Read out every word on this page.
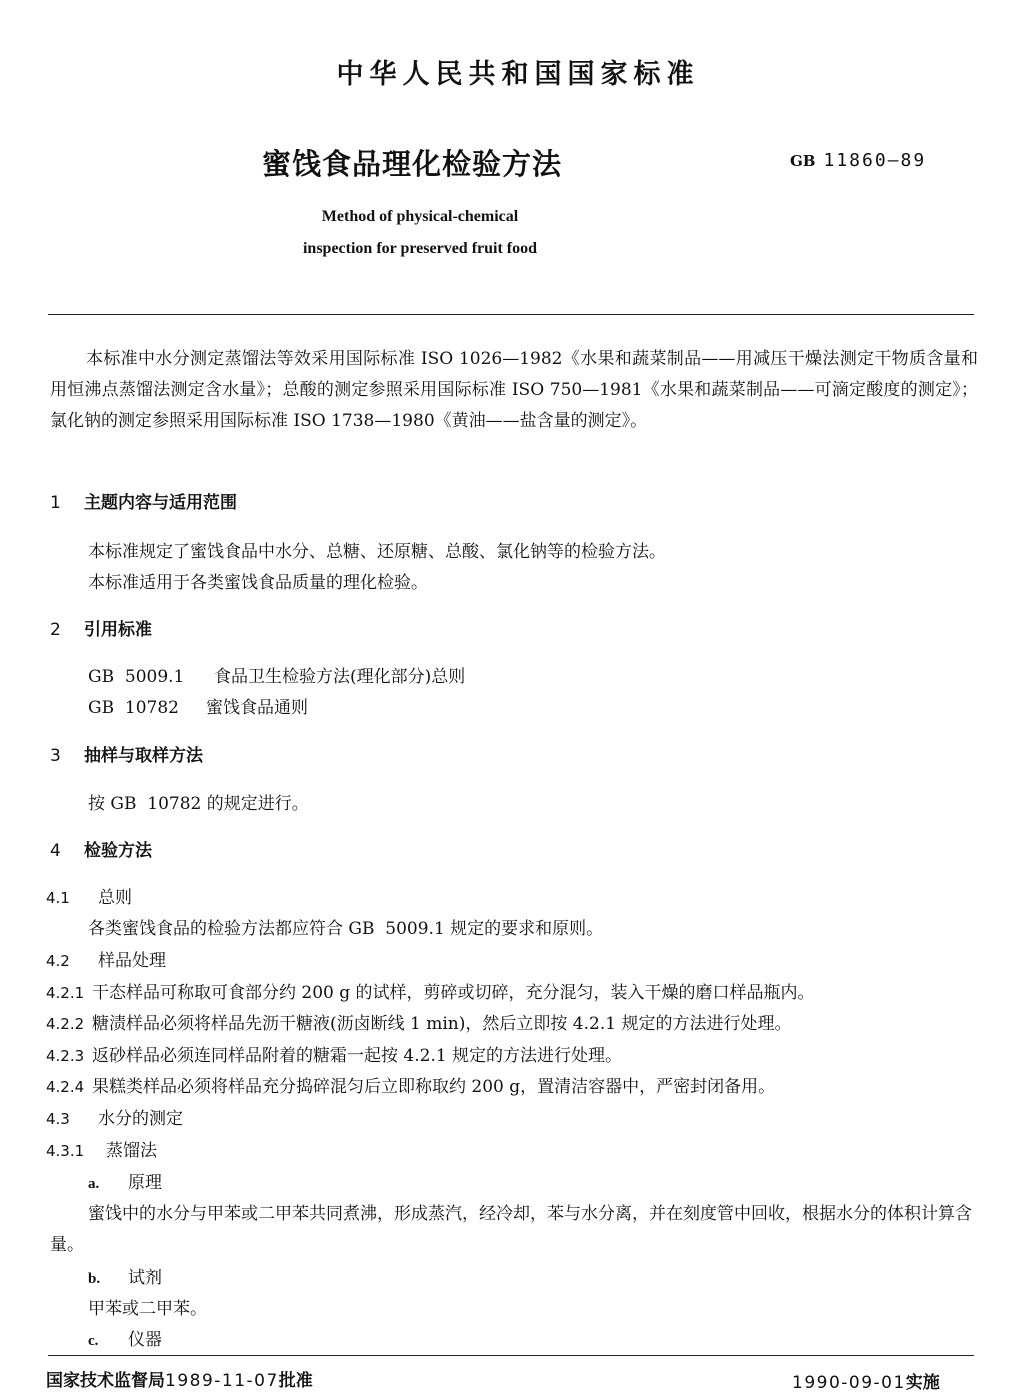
中华人民共和国国家标准
蜜饯食品理化检验方法	GB 11860—89
Method of physical-chemical
inspection for preserved fruit food
本标准中水分测定蒸馏法等效采用国际标准 ISO 1026—1982《水果和蔬菜制品——用减压干燥法测定干物质含量和用恒沸点蒸馏法测定含水量》；总酸的测定参照采用国际标准 ISO 750—1981《水果和蔬菜制品——可滴定酸度的测定》；氯化钠的测定参照采用国际标准 ISO 1738—1980《黄油——盐含量的测定》。
1 主题内容与适用范围
本标准规定了蜜饯食品中水分、总糖、还原糖、总酸、氯化钠等的检验方法。
本标准适用于各类蜜饯食品质量的理化检验。
2 引用标准
GB  5009.1 食品卫生检验方法(理化部分)总则
GB  10782 蜜饯食品通则
3 抽样与取样方法
按 GB  10782 的规定进行。
4 检验方法
4.1 总则
各类蜜饯食品的检验方法都应符合 GB  5009.1 规定的要求和原则。
4.2 样品处理
4.2.1 干态样品可称取可食部分约 200 g 的试样，剪碎或切碎，充分混匀，装入干燥的磨口样品瓶内。
4.2.2 糖渍样品必须将样品先沥干糖液(沥卤断线 1 min)，然后立即按 4.2.1 规定的方法进行处理。
4.2.3 返砂样品必须连同样品附着的糖霜一起按 4.2.1 规定的方法进行处理。
4.2.4 果糕类样品必须将样品充分捣碎混匀后立即称取约 200 g，置清洁容器中，严密封闭备用。
4.3 水分的测定
4.3.1 蒸馏法
a. 原理
蜜饯中的水分与甲苯或二甲苯共同煮沸，形成蒸汽，经冷却，苯与水分离，并在刻度管中回收，根据水分的体积计算含量。
b. 试剂
甲苯或二甲苯。
c. 仪器
国家技术监督局1989-11-07批准	1990-09-01实施
